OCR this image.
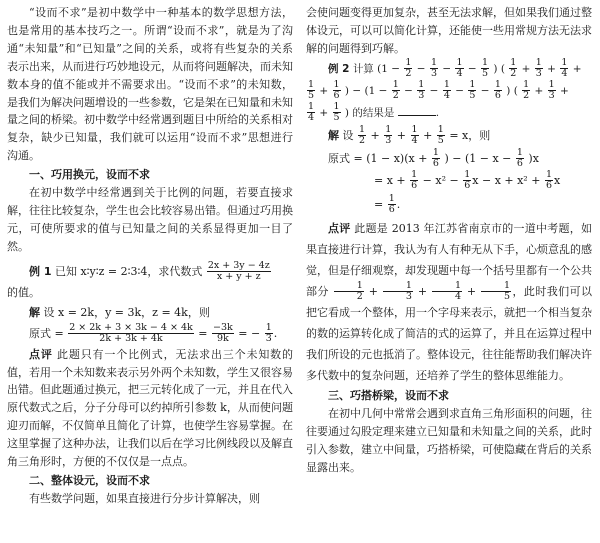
“设而不求”是初中数学中一种基本的数学思想方法，也是常用的基本技巧之一。所谓“设而不求”，就是为了沟通“未知量”和“已知量”之间的关系，或将有些复杂的关系表示出来，从而进行巧妙地设元，从而将问题解决，而未知数本身的值不能或并不需要求出。“设而不求”的未知数，是我们为解决问题增设的一些参数，它是架在已知量和未知量之间的桥梁。初中数学中经常遇到题目中所给的关系相对复杂，缺少已知量，我们就可以运用“设而不求”思想进行沟通。

一、巧用换元，设而不求

在初中数学中经常遇到关于比例的问题，若要直接求解，往往比较复杂，学生也会比较容易出错。但通过巧用换元，可使所要求的值与已知量之间的关系显得更加一目了然。

例 1 已知 x∶y∶z = 2∶3∶4，求代数式 $\frac{2x + 3y - 4z}{x + y + z}$

的值。

解 设 x = 2k，y = 3k，z = 4k，则

原式 = $\frac{2 \times 2k + 3 \times 3k - 4 \times 4k}{2k + 3k + 4k} = \frac{-3k}{9k}$ = − $\frac{1}{3}$ .

点评 此题只有一个比例式，无法求出三个未知数的值，若用一个未知数来表示另外两个未知数，学生又很容易出错。但此题通过换元，把三元转化成了一元，并且在代入原代数式之后，分子分母可以约掉所引参数 k，从而使问题迎刃而解，不仅简单且简化了计算，也使学生容易掌握。在这里掌握了这种办法，让我们以后在学习比例线段以及解直角三角形时，方便的不仅仅是一点点。

二、整体设元，设而不求

有些数学问题，如果直接进行分步计算解决，则

会使问题变得更加复杂，甚至无法求解，但如果我们通过整体设元，可以可以简化计算，还能使一些用常规方法无法求解的问题得到巧解。

例 2 计算 ($1 - \frac{1}{2} - \frac{1}{3} - \frac{1}{4} - \frac{1}{5}$ ) ( $\frac{1}{2} + \frac{1}{3} + \frac{1}{4}$ +

$\frac{1}{5} + \frac{1}{6}$ ) − ($1 - \frac{1}{2} - \frac{1}{3} - \frac{1}{4} - \frac{1}{5} - \frac{1}{6}$ ) ( $\frac{1}{2} + \frac{1}{3}$ +

$\frac{1}{4} + \frac{1}{5}$ ) 的结果是	.

解 设 $\frac{1}{2} + \frac{1}{3} + \frac{1}{4} + \frac{1}{5} = x$，则

原式 = $(1 - x)(x + \frac{1}{6}$ ) − $(1 - x - \frac{1}{6} )x$

= $x + \frac{1}{6} - x^2 - \frac{1}{6}$ $x - x + x^2 + \frac{1}{6}$ x

= $\frac{1}{6}$ .

点评 此题是 2013 年江苏省南京市的一道中考题，如果直接进行计算，我认为有人有种无从下手，心烦意乱的感觉，但是仔细观察，却发现题中每一个括号里都有一个公共部分 $\frac{1}{2} + \frac{1}{3} + \frac{1}{4} + \frac{1}{5}$ ，此时我们可以把它看成一个整体，用一个字母来表示，就把一个相当复杂的数的运算转化成了简洁的式的运算了，并且在运算过程中我们所设的元也抵消了。整体设元，往往能帮助我们解决许多代数中的复杂问题，还培养了学生的整体思维能力。

三、巧搭桥梁，设而不求

在初中几何中常常会遇到求直角三角形面积的问题，往往要通过勾股定理来建立已知量和未知量之间的关系，此时引入参数，建立中间量，巧搭桥梁，可使隐藏在背后的关系显露出来。
